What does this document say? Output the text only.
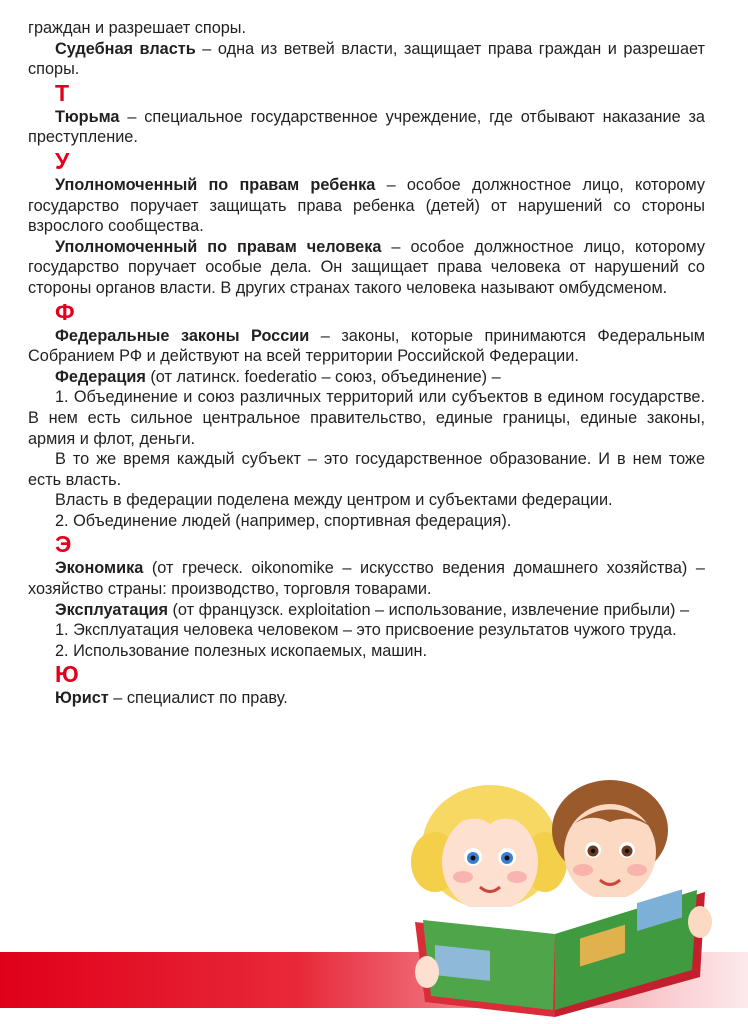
граждан и разрешает споры.

Судебная власть – одна из ветвей власти, защищает права граждан и разрешает споры.

Т

Тюрьма – специальное государственное учреждение, где отбывают наказание за преступление.

У

Уполномоченный по правам ребенка – особое должностное лицо, которому государство поручает защищать права ребенка (детей) от нарушений со стороны взрослого сообщества.

Уполномоченный по правам человека – особое должностное лицо, которому государство поручает особые дела. Он защищает права человека от нарушений со стороны органов власти. В других странах такого человека называют омбудсменом.

Ф

Федеральные законы России – законы, которые принимаются Федеральным Собранием РФ и действуют на всей территории Российской Федерации.

Федерация (от латинск. foederatio – союз, объединение) –

1. Объединение и союз различных территорий или субъектов в едином государстве. В нем есть сильное центральное правительство, единые границы, единые законы, армия и флот, деньги.

В то же время каждый субъект – это государственное образование. И в нем тоже есть власть.

Власть в федерации поделена между центром и субъектами федерации.

2. Объединение людей (например, спортивная федерация).

Э

Экономика (от греческ. oikonomike – искусство ведения домашнего хозяйства) – хозяйство страны: производство, торговля товарами.

Эксплуатация (от французск. exploitation – использование, извлечение прибыли) –

1. Эксплуатация человека человеком – это присвоение результатов чужого труда.

2. Использование полезных ископаемых, машин.

Ю

Юрист – специалист по праву.
